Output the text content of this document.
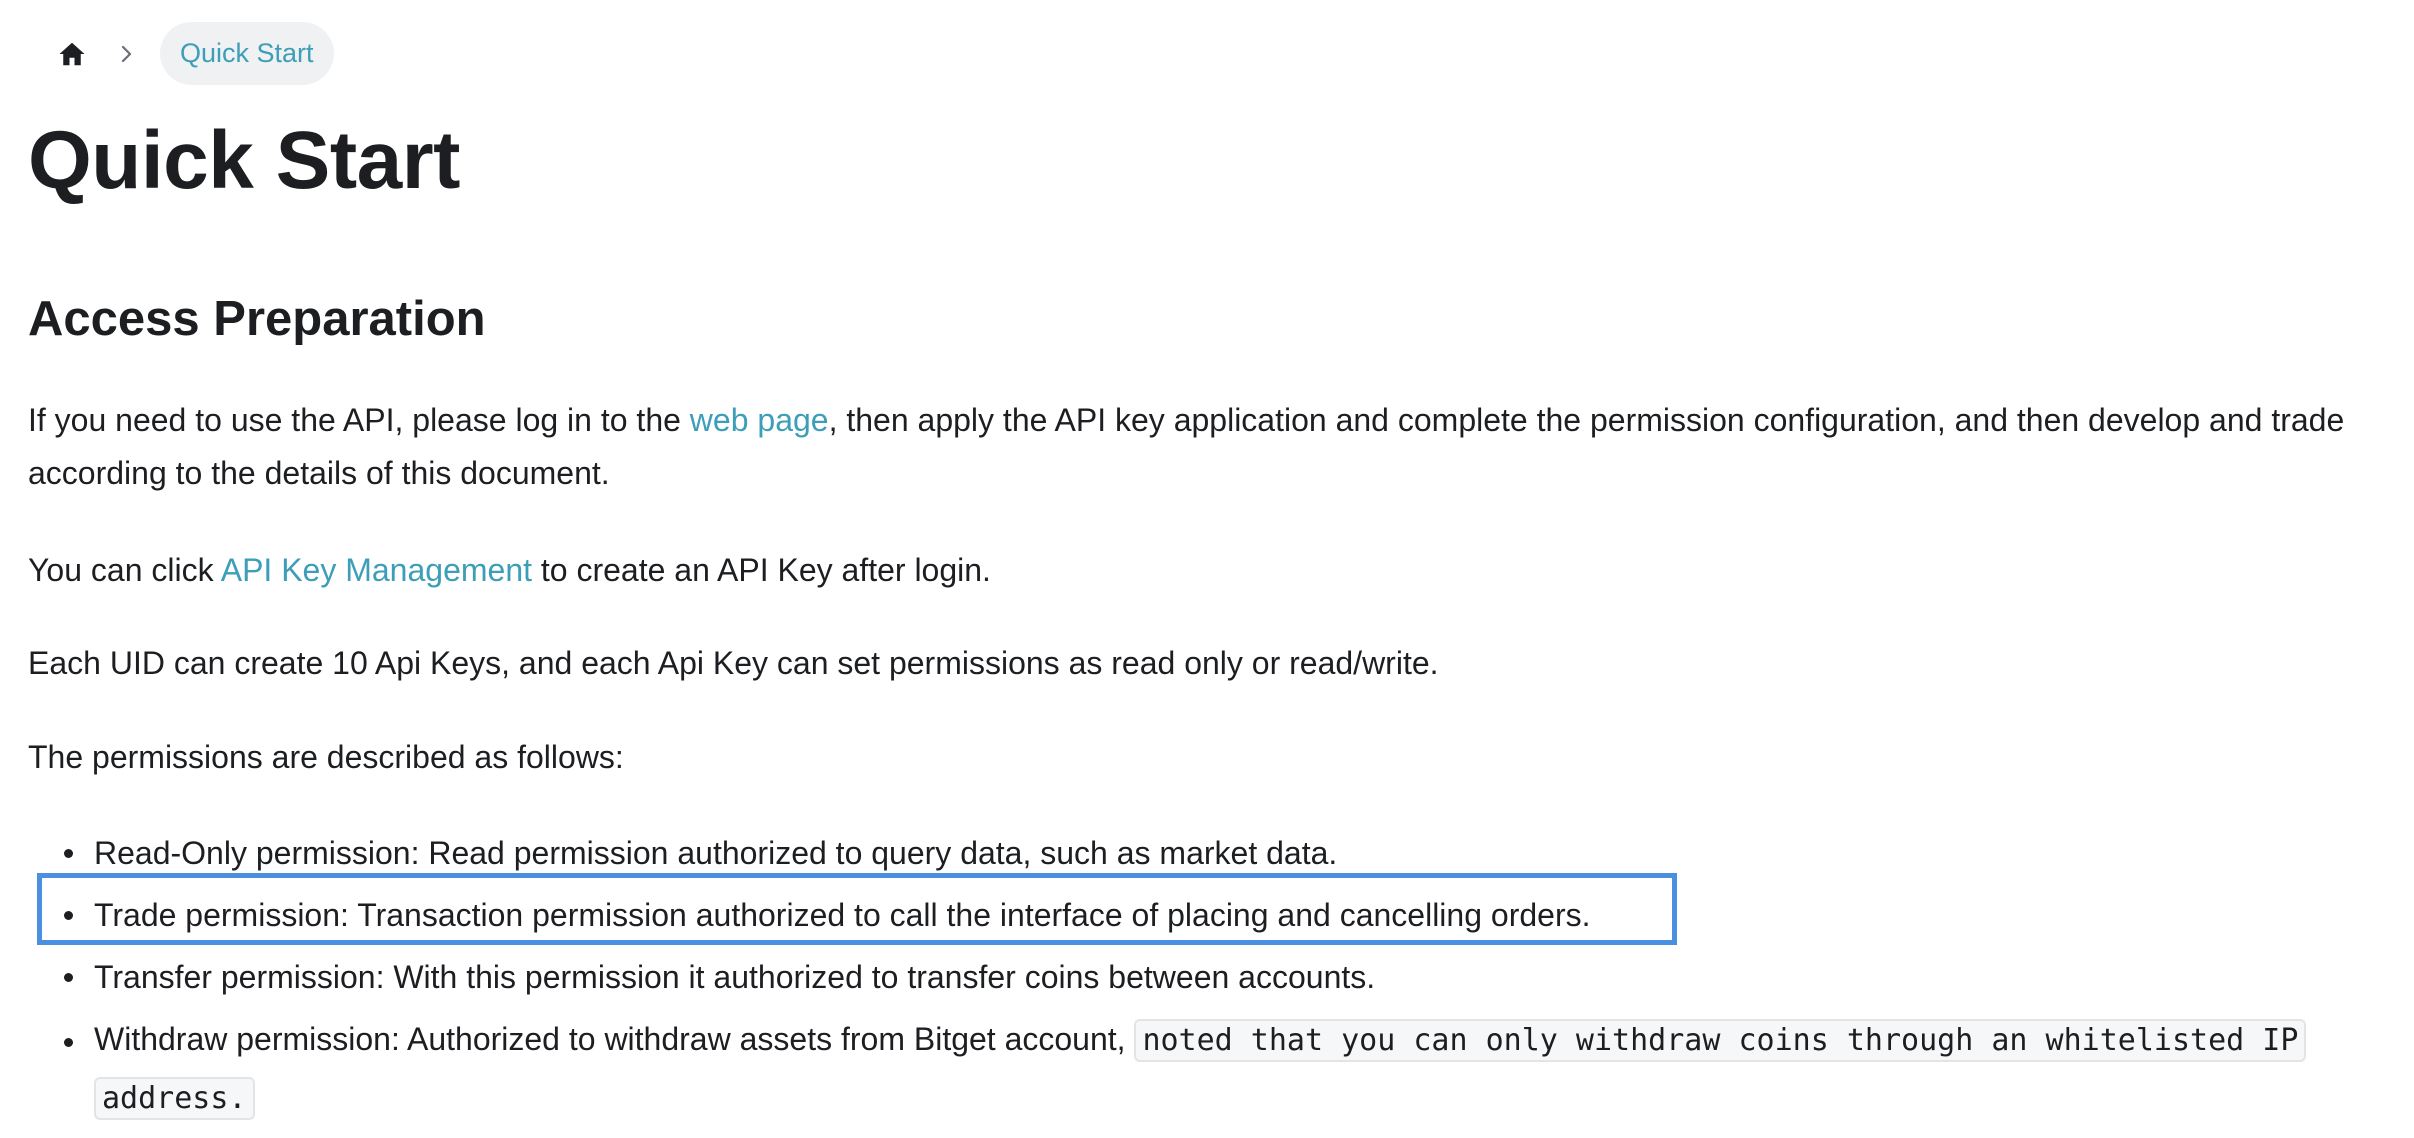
Quick Start
Quick Start
Access Preparation

If you need to use the API, please log in to the web page, then apply the API key application and complete the permission configuration, and then develop and trade according to the details of this document.

You can click API Key Management to create an API Key after login.

Each UID can create 10 Api Keys, and each Api Key can set permissions as read only or read/write.

The permissions are described as follows:

Read-Only permission: Read permission authorized to query data, such as market data.
Trade permission: Transaction permission authorized to call the interface of placing and cancelling orders.
Transfer permission: With this permission it authorized to transfer coins between accounts.
Withdraw permission: Authorized to withdraw assets from Bitget account, noted that you can only withdraw coins through an whitelisted IP address.
